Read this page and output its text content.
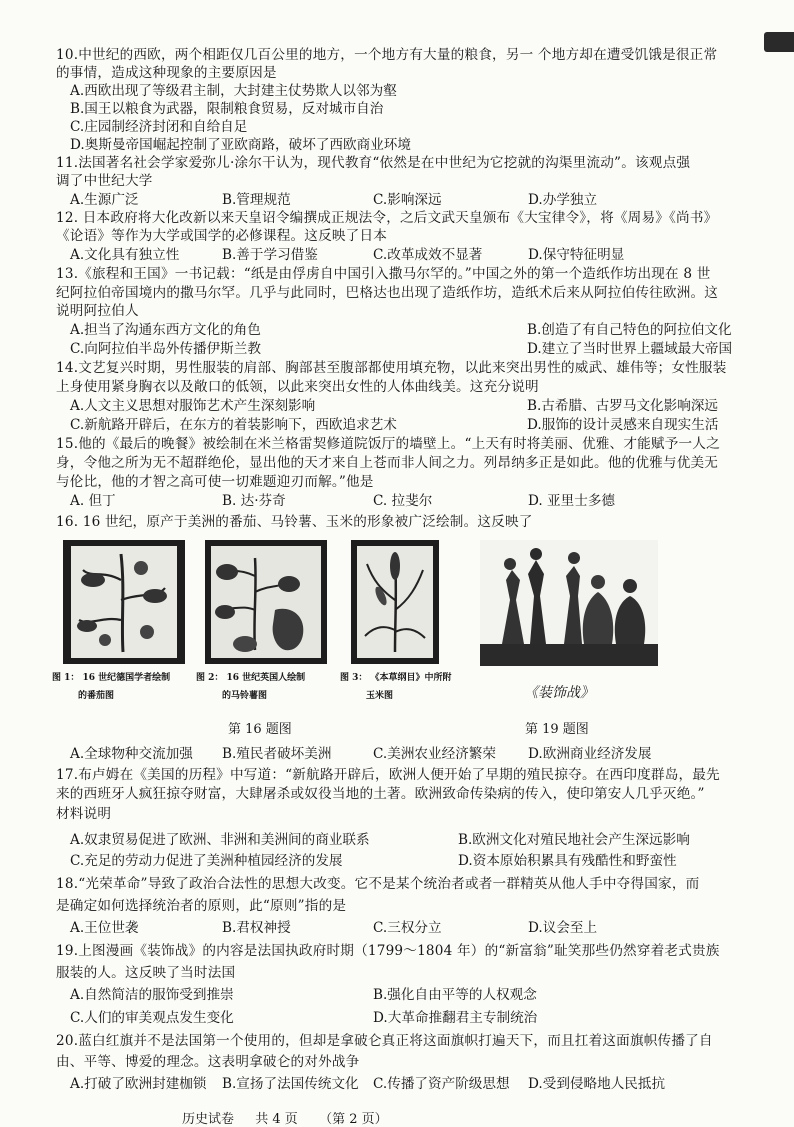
10.中世纪的西欧，两个相距仅几百公里的地方，一个地方有大量的粮食，另一 个地方却在遭受饥饿是很正常
的事情，造成这种现象的主要原因是
A.西欧出现了等级君主制，大封建主仗势欺人以邻为壑
B.国王以粮食为武器，限制粮食贸易，反对城市自治
C.庄园制经济封闭和自给自足
D.奥斯曼帝国崛起控制了亚欧商路，破坏了西欧商业环境
11.法国著名社会学家爱弥儿·涂尔干认为，现代教育“依然是在中世纪为它挖就的沟渠里流动”。该观点强
调了中世纪大学
A.生源广泛	B.管理规范	C.影响深远	D.办学独立
12. 日本政府将大化改新以来天皇诏令编撰成正规法令，之后文武天皇颁布《大宝律令》，将《周易》《尚书》
《论语》等作为大学或国学的必修课程。这反映了日本
A.文化具有独立性	B.善于学习借鉴	C.改革成效不显著	D.保守特征明显
13.《旅程和王国》一书记载：“纸是由俘虏自中国引入撒马尔罕的。”中国之外的第一个造纸作坊出现在 8 世
纪阿拉伯帝国境内的撒马尔罕。几乎与此同时，巴格达也出现了造纸作坊，造纸术后来从阿拉伯传往欧洲。这
说明阿拉伯人
A.担当了沟通东西方文化的角色	B.创造了有自己特色的阿拉伯文化
C.向阿拉伯半岛外传播伊斯兰教	D.建立了当时世界上疆域最大帝国
14.文艺复兴时期，男性服装的肩部、胸部甚至腹部都使用填充物，以此来突出男性的威武、雄伟等；女性服装
上身使用紧身胸衣以及敞口的低领，以此来突出女性的人体曲线美。这充分说明
A.人文主义思想对服饰艺术产生深刻影响	B.古希腊、古罗马文化影响深远
C.新航路开辟后，在东方的着装影响下，西欧追求艺术	D.服饰的设计灵感来自现实生活
15.他的《最后的晚餐》被绘制在米兰格雷契修道院饭厅的墙壁上。“上天有时将美丽、优雅、才能赋予一人之
身，令他之所为无不超群绝伦，显出他的天才来自上苍而非人间之力。列昂纳多正是如此。他的优雅与优美无
与伦比，他的才智之高可使一切难题迎刃而解。”他是
A. 但丁	B. 达·芬奇	C. 拉斐尔	D. 亚里士多德
16. 16 世纪，原产于美洲的番茄、马铃薯、玉米的形象被广泛绘制。这反映了
图 1： 16 世纪德国学者绘制
的番茄图
图 2： 16 世纪英国人绘制
的马铃薯图
图 3： 《本草纲目》中所附
玉米图	《装饰战》
第 16 题图	第 19 题图
A.全球物种交流加强 B.殖民者破坏美洲	C.美洲农业经济繁荣 D.欧洲商业经济发展
17.布卢姆在《美国的历程》中写道：“新航路开辟后，欧洲人便开始了早期的殖民掠夺。在西印度群岛，最先
来的西班牙人疯狂掠夺财富，大肆屠杀或奴役当地的土著。欧洲致命传染病的传入，使印第安人几乎灭绝。”
材料说明
A.奴隶贸易促进了欧洲、非洲和美洲间的商业联系	B.欧洲文化对殖民地社会产生深远影响
C.充足的劳动力促进了美洲种植园经济的发展	D.资本原始积累具有残酷性和野蛮性
18.“光荣革命”导致了政治合法性的思想大改变。它不是某个统治者或者一群精英从他人手中夺得国家，而
是确定如何选择统治者的原则，此“原则”指的是
A.王位世袭	B.君权神授	C.三权分立	D.议会至上
19.上图漫画《装饰战》的内容是法国执政府时期（1799～1804 年）的“新富翁”耻笑那些仍然穿着老式贵族
服装的人。这反映了当时法国
A.自然简洁的服饰受到推崇	B.强化自由平等的人权观念
C.人们的审美观点发生变化	D.大革命推翻君主专制统治
20.蓝白红旗并不是法国第一个使用的，但却是拿破仑真正将这面旗帜打遍天下，而且扛着这面旗帜传播了自
由、平等、博爱的理念。这表明拿破仑的对外战争
A.打破了欧洲封建枷锁 B.宣扬了法国传统文化 C.传播了资产阶级思想 D.受到侵略地人民抵抗
历史试卷 　 共 4 页 　 （第 2 页）
